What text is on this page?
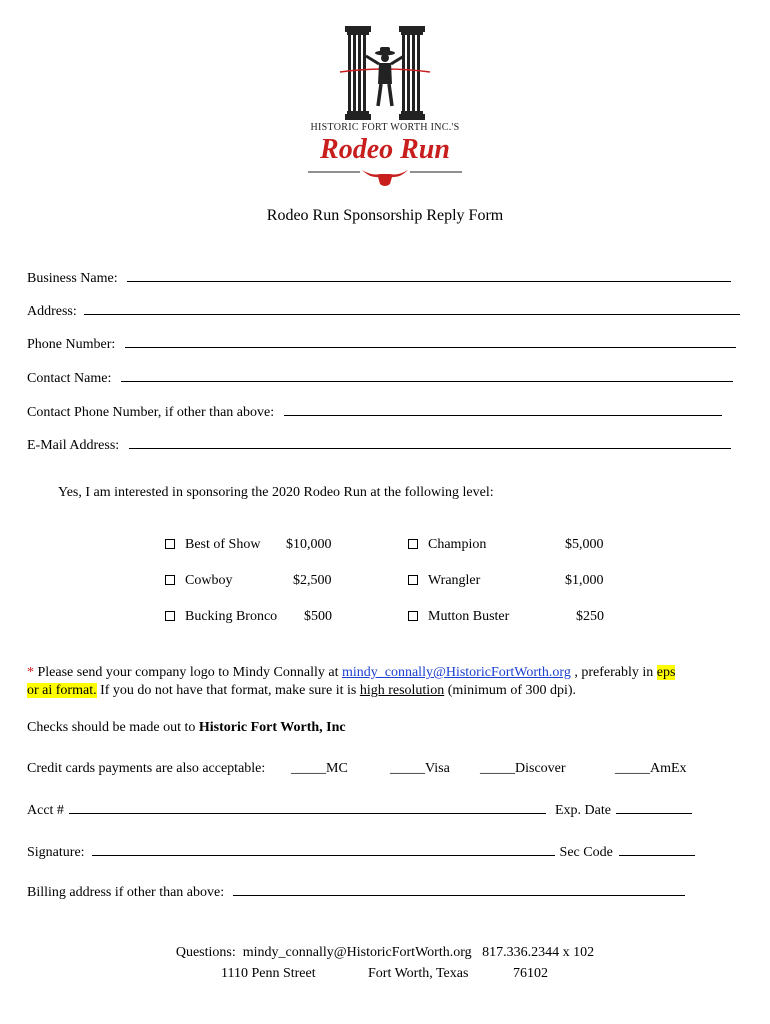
HISTORIC FORT WORTH INC.'S
Rodeo Run
Rodeo Run Sponsorship Reply Form
Business Name:
Address:
Phone Number:
Contact Name:
Contact Phone Number, if other than above:
E-Mail Address:
Yes, I am interested in sponsoring the 2020 Rodeo Run at the following level:
Best of Show $10,000	Champion	$5,000
Cowboy	$2,500	Wrangler	$1,000
Bucking Bronco $500	Mutton Buster	$250
* Please send your company logo to Mindy Connally at mindy_connally@HistoricFortWorth.org , preferably in eps
or ai format. If you do not have that format, make sure it is high resolution (minimum of 300 dpi).
Checks should be made out to Historic Fort Worth, Inc
Credit cards payments are also acceptable: _____MC	_____Visa _____Discover	_____AmEx
Acct #	Exp. Date
Signature:	Sec Code
Billing address if other than above:
Questions:  mindy_connally@HistoricFortWorth.org   817.336.2344 x 102
1110 Penn Street	Fort Worth, Texas	76102
